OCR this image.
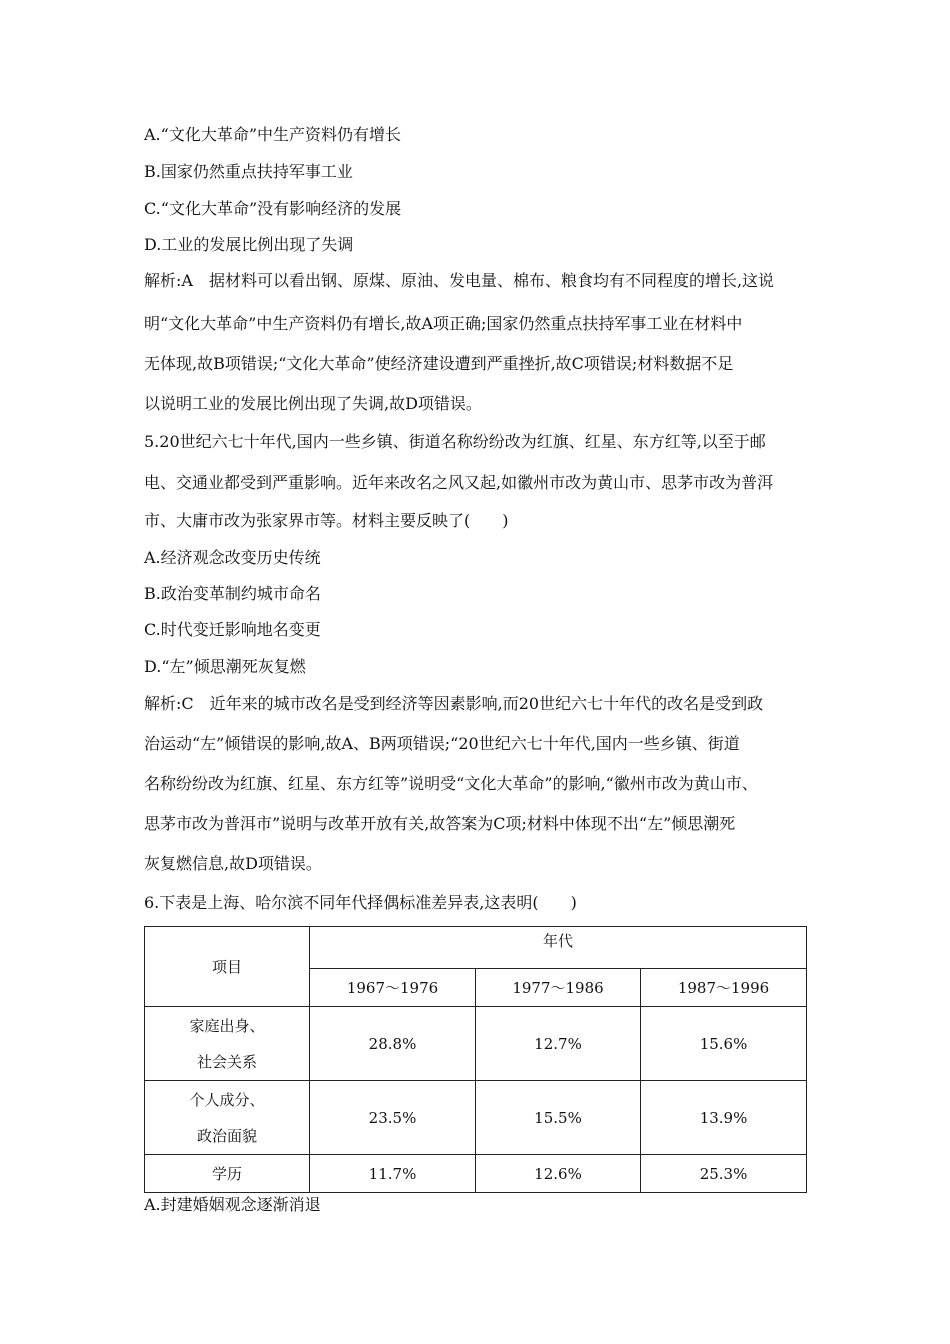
A.“文化大革命”中生产资料仍有增长
B.国家仍然重点扶持军事工业
C.“文化大革命”没有影响经济的发展
D.工业的发展比例出现了失调
解析:A　据材料可以看出钢、原煤、原油、发电量、棉布、粮食均有不同程度的增长,这说
明“文化大革命”中生产资料仍有增长,故A项正确;国家仍然重点扶持军事工业在材料中
无体现,故B项错误;“文化大革命”使经济建设遭到严重挫折,故C项错误;材料数据不足
以说明工业的发展比例出现了失调,故D项错误。
5.20世纪六七十年代,国内一些乡镇、街道名称纷纷改为红旗、红星、东方红等,以至于邮
电、交通业都受到严重影响。近年来改名之风又起,如徽州市改为黄山市、思茅市改为普洱
市、大庸市改为张家界市等。材料主要反映了(　　)
A.经济观念改变历史传统
B.政治变革制约城市命名
C.时代变迁影响地名变更
D.“左”倾思潮死灰复燃
解析:C　近年来的城市改名是受到经济等因素影响,而20世纪六七十年代的改名是受到政
治运动“左”倾错误的影响,故A、B两项错误;“20世纪六七十年代,国内一些乡镇、街道
名称纷纷改为红旗、红星、东方红等”说明受“文化大革命”的影响,“徽州市改为黄山市、
思茅市改为普洱市”说明与改革开放有关,故答案为C项;材料中体现不出“左”倾思潮死
灰复燃信息,故D项错误。
6.下表是上海、哈尔滨不同年代择偶标准差异表,这表明(　　)
项目	年代		
	1967～1976	1977～1986	1987～1996

家庭出身、
社会关系	28.8%	12.7%	15.6%

个人成分、
政治面貌	23.5%	15.5%	13.9%
学历	11.7%	12.6%	25.3%
A.封建婚姻观念逐渐消退
